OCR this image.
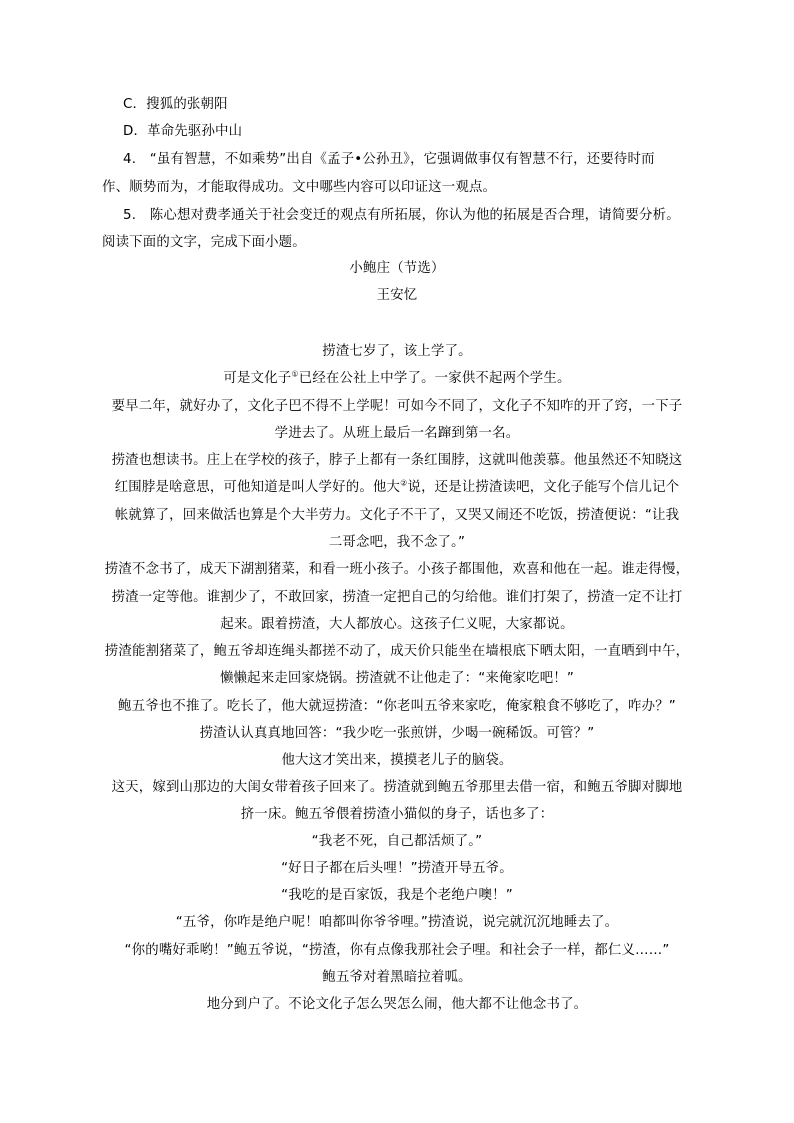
C．搜狐的张朝阳
D．革命先驱孙中山
4.　“虽有智慧，不如乘势”出自《孟子•公孙丑》，它强调做事仅有智慧不行，还要待时而
作、顺势而为，才能取得成功。文中哪些内容可以印证这一观点。
5.　陈心想对费孝通关于社会变迁的观点有所拓展，你认为他的拓展是否合理，请简要分析。
阅读下面的文字，完成下面小题。
小鲍庄（节选）
王安忆
捞渣七岁了，该上学了。
可是文化子①已经在公社上中学了。一家供不起两个学生。
要早二年，就好办了，文化子巴不得不上学呢！可如今不同了，文化子不知咋的开了窍，一下子
学进去了。从班上最后一名蹿到第一名。
捞渣也想读书。庄上在学校的孩子，脖子上都有一条红围脖，这就叫他羡慕。他虽然还不知晓这
红围脖是啥意思，可他知道是叫人学好的。他大②说，还是让捞渣读吧，文化子能写个信儿记个
帐就算了，回来做活也算是个大半劳力。文化子不干了，又哭又闹还不吃饭，捞渣便说：“让我
二哥念吧，我不念了。”
捞渣不念书了，成天下湖割猪菜，和看一班小孩子。小孩子都围他，欢喜和他在一起。谁走得慢，
捞渣一定等他。谁割少了，不敢回家，捞渣一定把自己的匀给他。谁们打架了，捞渣一定不让打
起来。跟着捞渣，大人都放心。这孩子仁义呢，大家都说。
捞渣能割猪菜了，鲍五爷却连绳头都搓不动了，成天价只能坐在墙根底下晒太阳，一直晒到中午，
懒懒起来走回家烧锅。捞渣就不让他走了：“来俺家吃吧！”
鲍五爷也不推了。吃长了，他大就逗捞渣：“你老叫五爷来家吃，俺家粮食不够吃了，咋办？”
捞渣认认真真地回答：“我少吃一张煎饼，少喝一碗稀饭。可管？”
他大这才笑出来，摸摸老儿子的脑袋。
这天，嫁到山那边的大闺女带着孩子回来了。捞渣就到鲍五爷那里去借一宿，和鲍五爷脚对脚地
挤一床。鲍五爷偎着捞渣小猫似的身子，话也多了：
“我老不死，自己都活烦了。”
“好日子都在后头哩！”捞渣开导五爷。
“我吃的是百家饭，我是个老绝户噢！”
“五爷，你咋是绝户呢！咱都叫你爷爷哩。”捞渣说，说完就沉沉地睡去了。
“你的嘴好乖哟！”鲍五爷说，“捞渣，你有点像我那社会子哩。和社会子一样，都仁义……”
鲍五爷对着黑暗拉着呱。
地分到户了。不论文化子怎么哭怎么闹，他大都不让他念书了。
